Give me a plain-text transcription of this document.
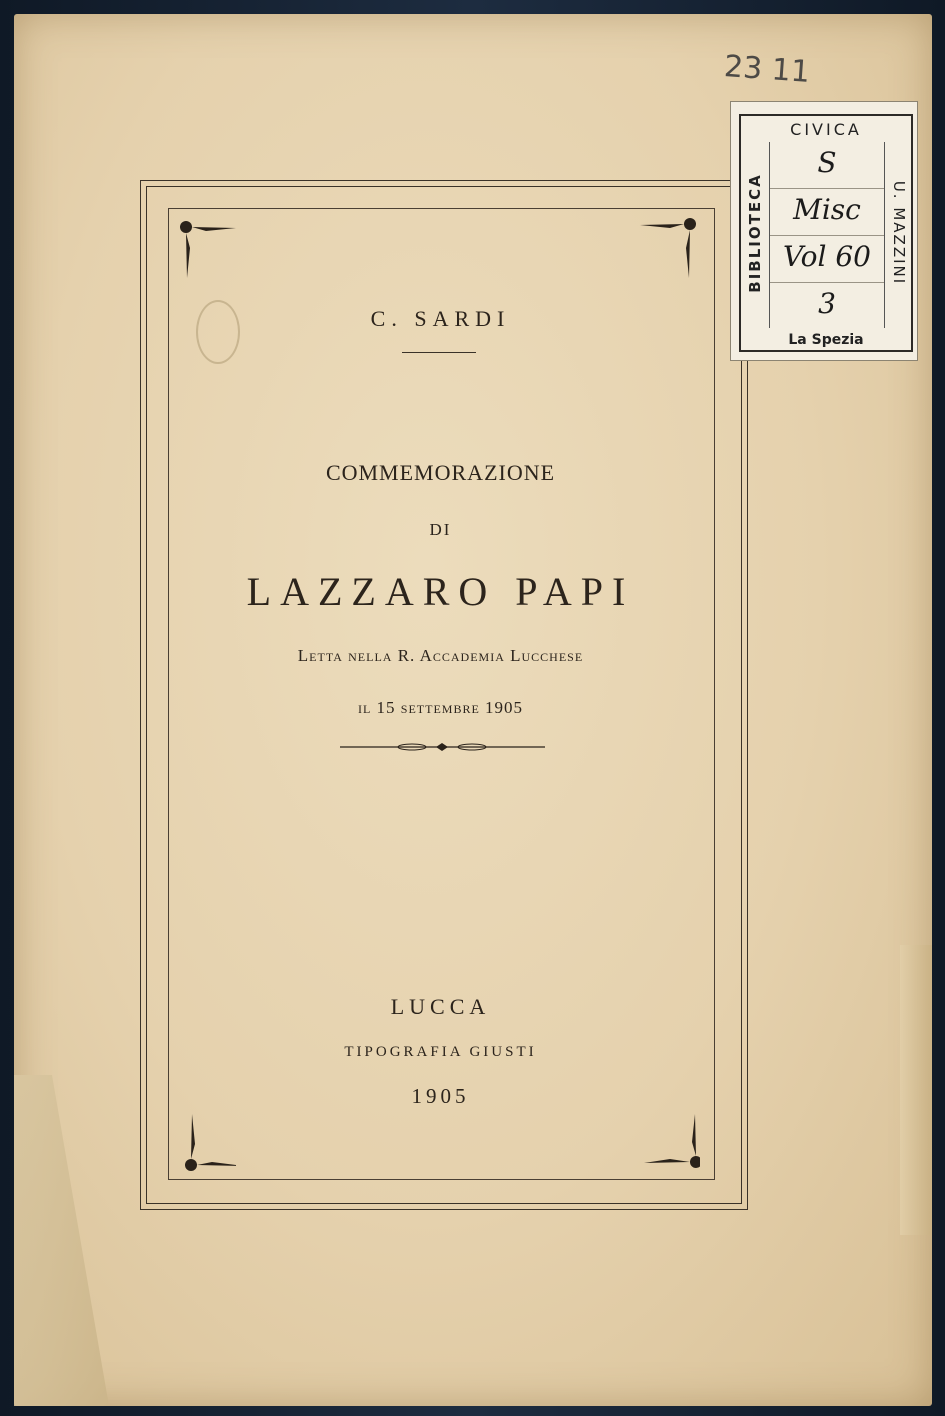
23 11
C. SARDI
COMMEMORAZIONE
DI
LAZZARO PAPI
Letta nella R. Accademia Lucchese
il 15 settembre 1905
LUCCA
TIPOGRAFIA GIUSTI
1905
CIVICA
BIBLIOTECA	U. MAZZINI
S
Misc
Vol 60
3
La Spezia
